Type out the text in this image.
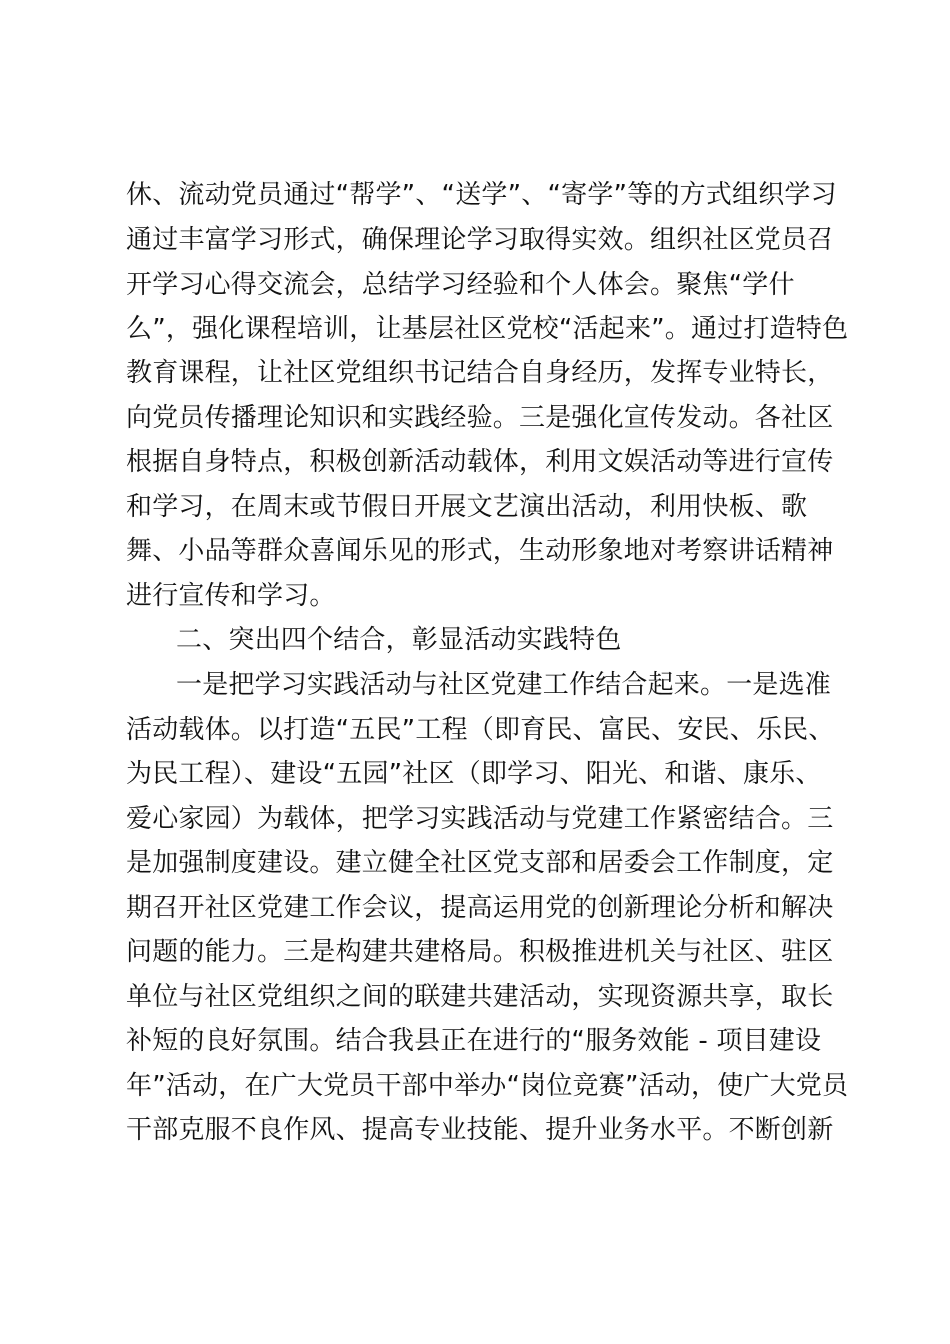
休、流动党员通过“帮学”、“送学”、“寄学”等的方式组织学习
通过丰富学习形式，确保理论学习取得实效。组织社区党员召
开学习心得交流会，总结学习经验和个人体会。聚焦“学什
么”，强化课程培训，让基层社区党校“活起来”。通过打造特色
教育课程，让社区党组织书记结合自身经历，发挥专业特长，
向党员传播理论知识和实践经验。三是强化宣传发动。各社区
根据自身特点，积极创新活动载体，利用文娱活动等进行宣传
和学习，在周末或节假日开展文艺演出活动，利用快板、歌
舞、小品等群众喜闻乐见的形式，生动形象地对考察讲话精神
进行宣传和学习。
二、突出四个结合，彰显活动实践特色
一是把学习实践活动与社区党建工作结合起来。一是选准
活动载体。以打造“五民”工程（即育民、富民、安民、乐民、
为民工程）、建设“五园”社区（即学习、阳光、和谐、康乐、
爱心家园）为载体，把学习实践活动与党建工作紧密结合。三
是加强制度建设。建立健全社区党支部和居委会工作制度，定
期召开社区党建工作会议，提高运用党的创新理论分析和解决
问题的能力。三是构建共建格局。积极推进机关与社区、驻区
单位与社区党组织之间的联建共建活动，实现资源共享，取长
补短的良好氛围。结合我县正在进行的“服务效能 - 项目建设
年”活动，在广大党员干部中举办“岗位竞赛”活动，使广大党员
干部克服不良作风、提高专业技能、提升业务水平。不断创新
